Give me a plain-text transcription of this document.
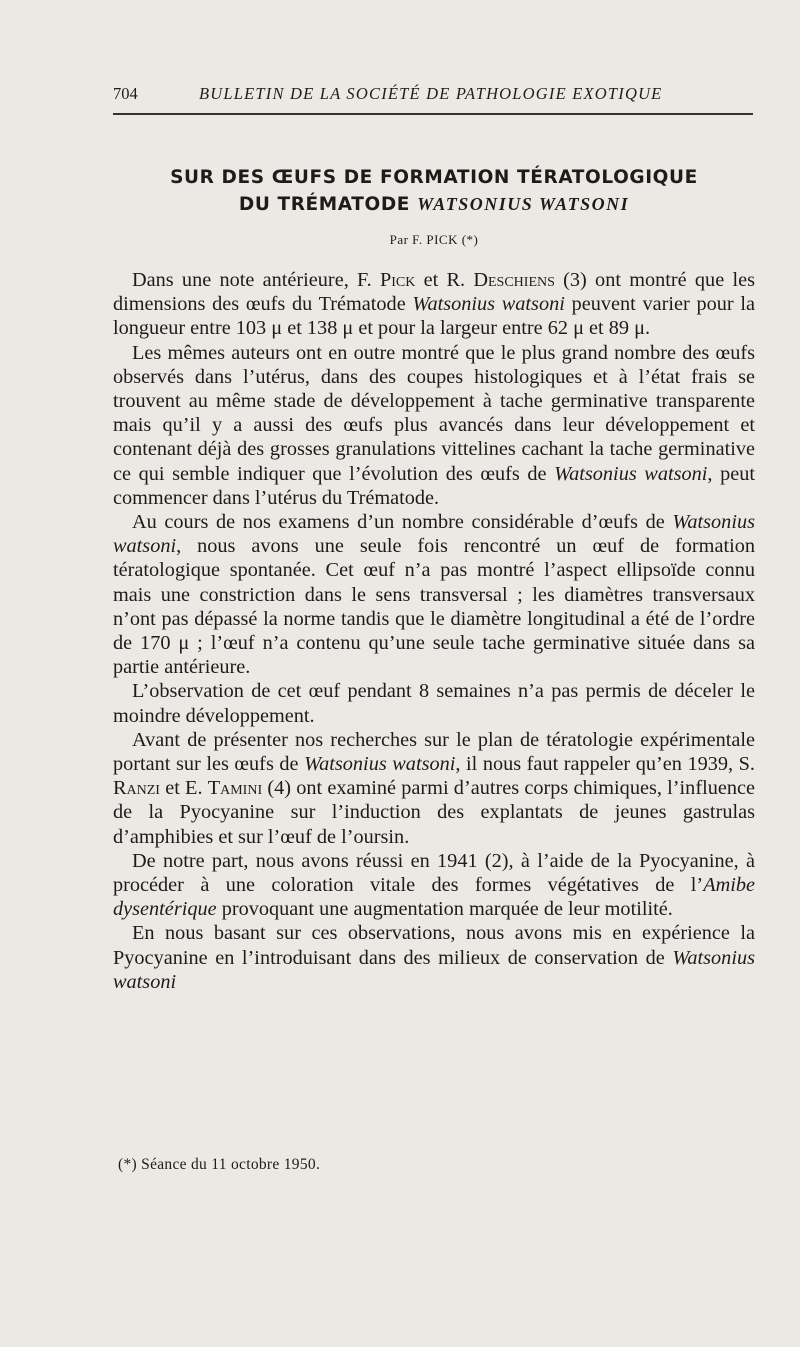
704	BULLETIN DE LA SOCIÉTÉ DE PATHOLOGIE EXOTIQUE
SUR DES ŒUFS DE FORMATION TÉRATOLOGIQUE
DU TRÉMATODE WATSONIUS WATSONI
Par F. PICK (*)

Dans une note antérieure, F. Pick et R. Deschiens (3) ont montré que les dimensions des œufs du Trématode Watsonius watsoni peuvent varier pour la longueur entre 103 μ et 138 μ et pour la largeur entre 62 μ et 89 μ.

Les mêmes auteurs ont en outre montré que le plus grand nombre des œufs observés dans l’utérus, dans des coupes histologiques et à l’état frais se trouvent au même stade de développement à tache germinative transparente mais qu’il y a aussi des œufs plus avancés dans leur développement et contenant déjà des grosses granulations vittelines cachant la tache germinative ce qui semble indiquer que l’évolution des œufs de Watsonius watsoni, peut commencer dans l’utérus du Trématode.

Au cours de nos examens d’un nombre considérable d’œufs de Watsonius watsoni, nous avons une seule fois rencontré un œuf de formation tératologique spontanée. Cet œuf n’a pas montré l’aspect ellipsoïde connu mais une constriction dans le sens transversal ; les diamètres transversaux n’ont pas dépassé la norme tandis que le diamètre longitudinal a été de l’ordre de 170 μ ; l’œuf n’a contenu qu’une seule tache germinative située dans sa partie antérieure.

L’observation de cet œuf pendant 8 semaines n’a pas permis de déceler le moindre développement.

Avant de présenter nos recherches sur le plan de tératologie expérimentale portant sur les œufs de Watsonius watsoni, il nous faut rappeler qu’en 1939, S. Ranzi et E. Tamini (4) ont examiné parmi d’autres corps chimiques, l’influence de la Pyocyanine sur l’induction des explantats de jeunes gastrulas d’amphibies et sur l’œuf de l’oursin.

De notre part, nous avons réussi en 1941 (2), à l’aide de la Pyocyanine, à procéder à une coloration vitale des formes végétatives de l’Amibe dysentérique provoquant une augmentation marquée de leur motilité.

En nous basant sur ces observations, nous avons mis en expérience la Pyocyanine en l’introduisant dans des milieux de conservation de Watsonius watsoni

(*) Séance du 11 octobre 1950.
